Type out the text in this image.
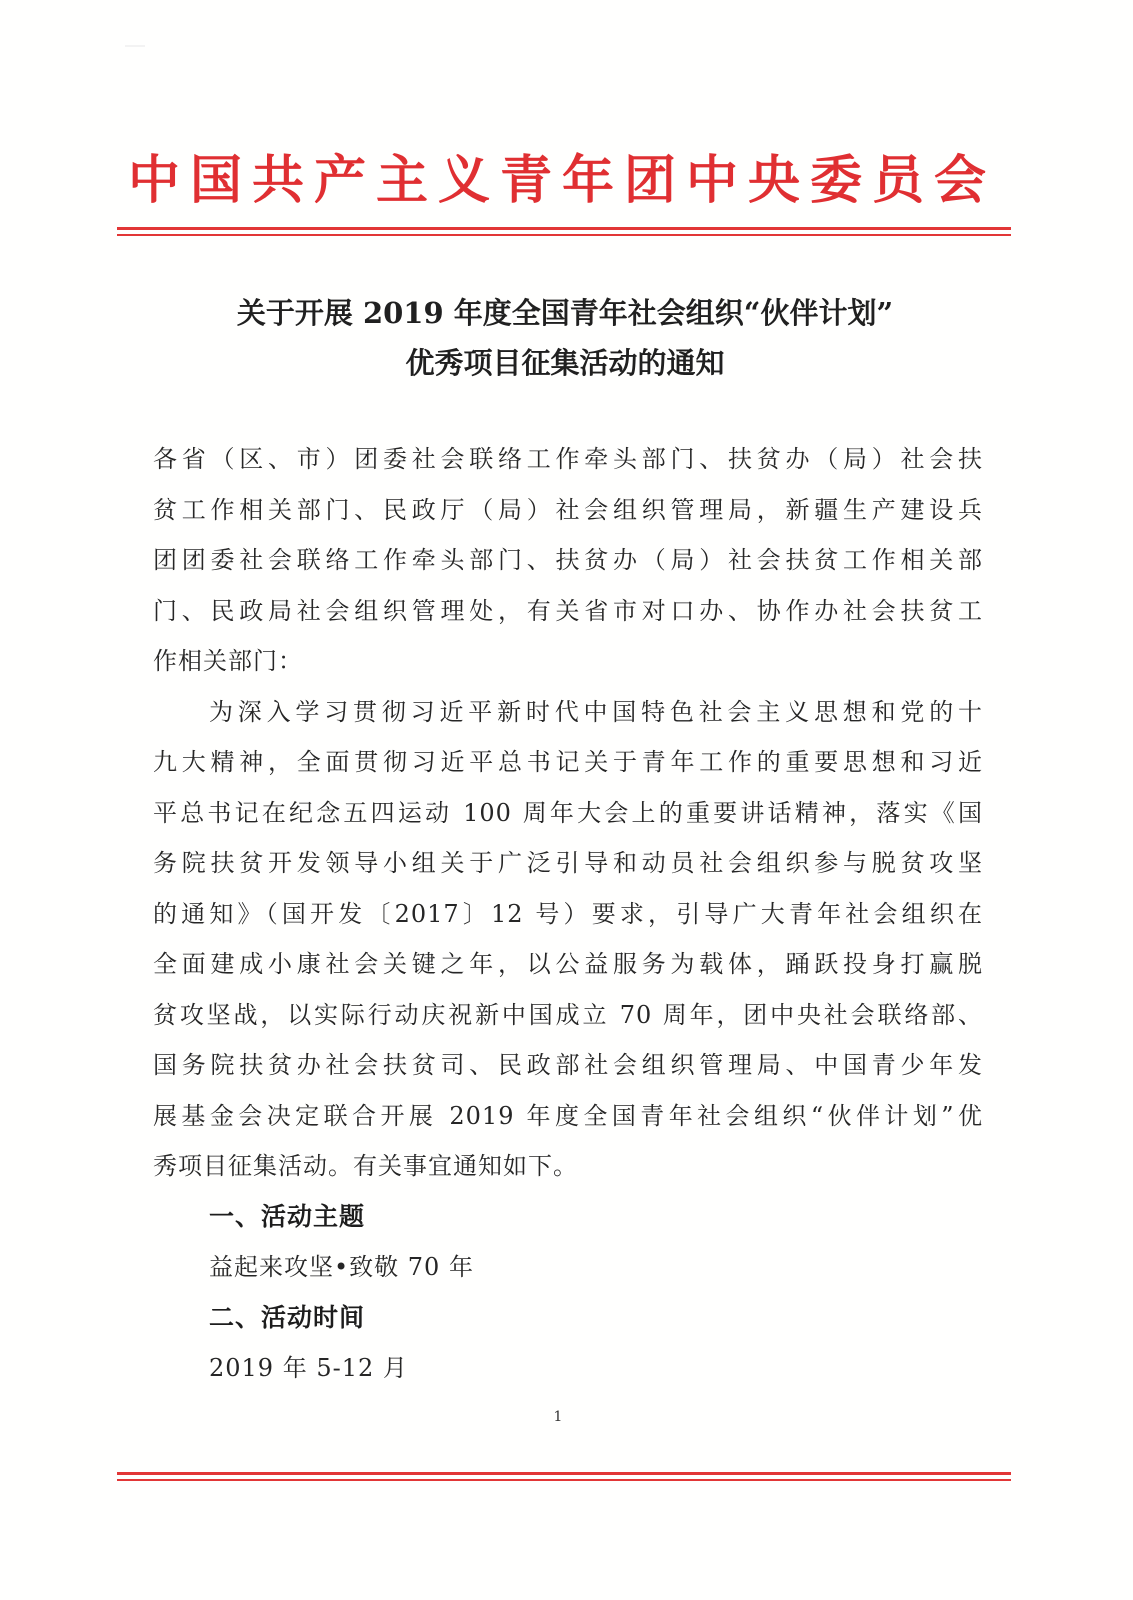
中国共产主义青年团中央委员会
关于开展 2019 年度全国青年社会组织“伙伴计划”
优秀项目征集活动的通知
各省（区、市）团委社会联络工作牵头部门、扶贫办（局）社会扶
贫工作相关部门、民政厅（局）社会组织管理局，新疆生产建设兵
团团委社会联络工作牵头部门、扶贫办（局）社会扶贫工作相关部
门、民政局社会组织管理处，有关省市对口办、协作办社会扶贫工
作相关部门：
为深入学习贯彻习近平新时代中国特色社会主义思想和党的十
九大精神，全面贯彻习近平总书记关于青年工作的重要思想和习近
平总书记在纪念五四运动 100 周年大会上的重要讲话精神，落实《国
务院扶贫开发领导小组关于广泛引导和动员社会组织参与脱贫攻坚
的通知》（国开发〔2017〕12 号）要求，引导广大青年社会组织在
全面建成小康社会关键之年，以公益服务为载体，踊跃投身打赢脱
贫攻坚战，以实际行动庆祝新中国成立 70 周年，团中央社会联络部、
国务院扶贫办社会扶贫司、民政部社会组织管理局、中国青少年发
展基金会决定联合开展 2019 年度全国青年社会组织“伙伴计划”优
秀项目征集活动。有关事宜通知如下。
一、活动主题
益起来攻坚•致敬 70 年
二、活动时间
2019 年 5-12 月
1
